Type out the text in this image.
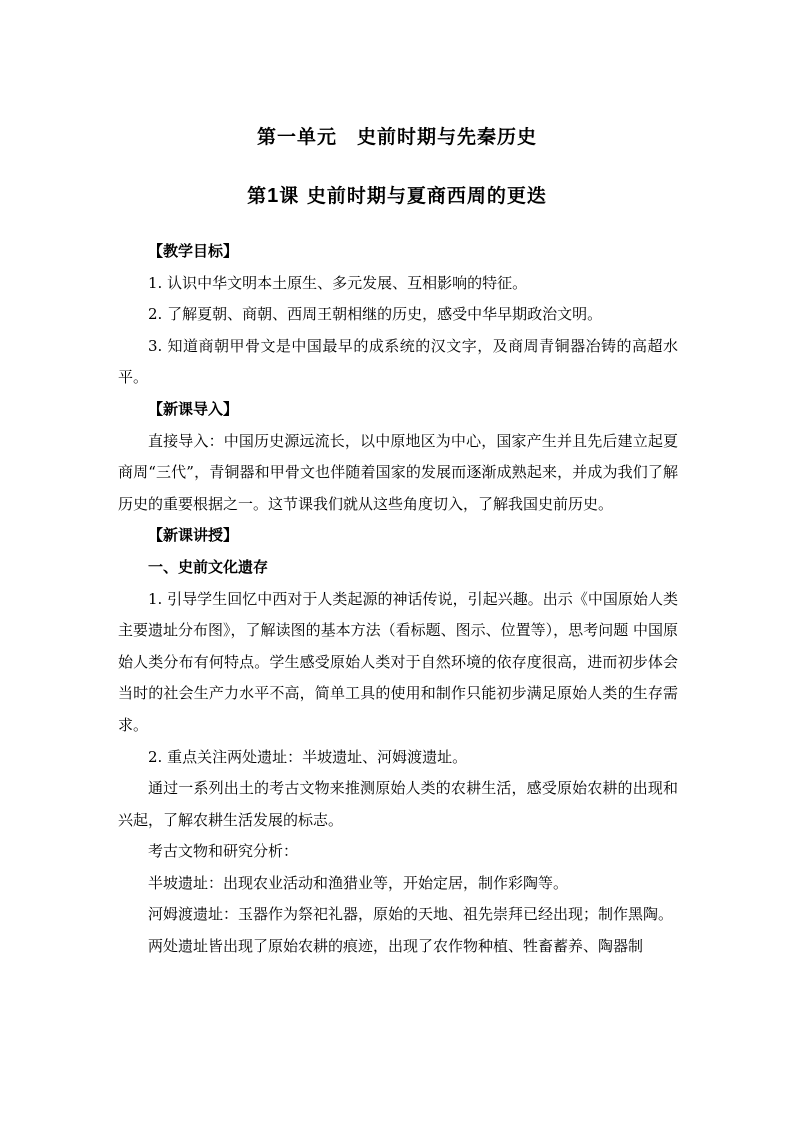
第一单元　史前时期与先秦历史
第1课 史前时期与夏商西周的更迭

【教学目标】

1. 认识中华文明本土原生、多元发展、互相影响的特征。

2. 了解夏朝、商朝、西周王朝相继的历史，感受中华早期政治文明。

3. 知道商朝甲骨文是中国最早的成系统的汉文字，及商周青铜器冶铸的高超水平。

【新课导入】

直接导入：中国历史源远流长，以中原地区为中心，国家产生并且先后建立起夏商周“三代”，青铜器和甲骨文也伴随着国家的发展而逐渐成熟起来，并成为我们了解历史的重要根据之一。这节课我们就从这些角度切入，了解我国史前历史。

【新课讲授】

一、史前文化遗存

1. 引导学生回忆中西对于人类起源的神话传说，引起兴趣。出示《中国原始人类主要遗址分布图》，了解读图的基本方法（看标题、图示、位置等），思考问题 中国原始人类分布有何特点。学生感受原始人类对于自然环境的依存度很高，进而初步体会当时的社会生产力水平不高，简单工具的使用和制作只能初步满足原始人类的生存需求。

2. 重点关注两处遗址：半坡遗址、河姆渡遗址。

通过一系列出土的考古文物来推测原始人类的农耕生活，感受原始农耕的出现和兴起，了解农耕生活发展的标志。

考古文物和研究分析：

半坡遗址：出现农业活动和渔猎业等，开始定居，制作彩陶等。

河姆渡遗址：玉器作为祭祀礼器，原始的天地、祖先崇拜已经出现；制作黑陶。

两处遗址皆出现了原始农耕的痕迹，出现了农作物种植、牲畜蓄养、陶器制
